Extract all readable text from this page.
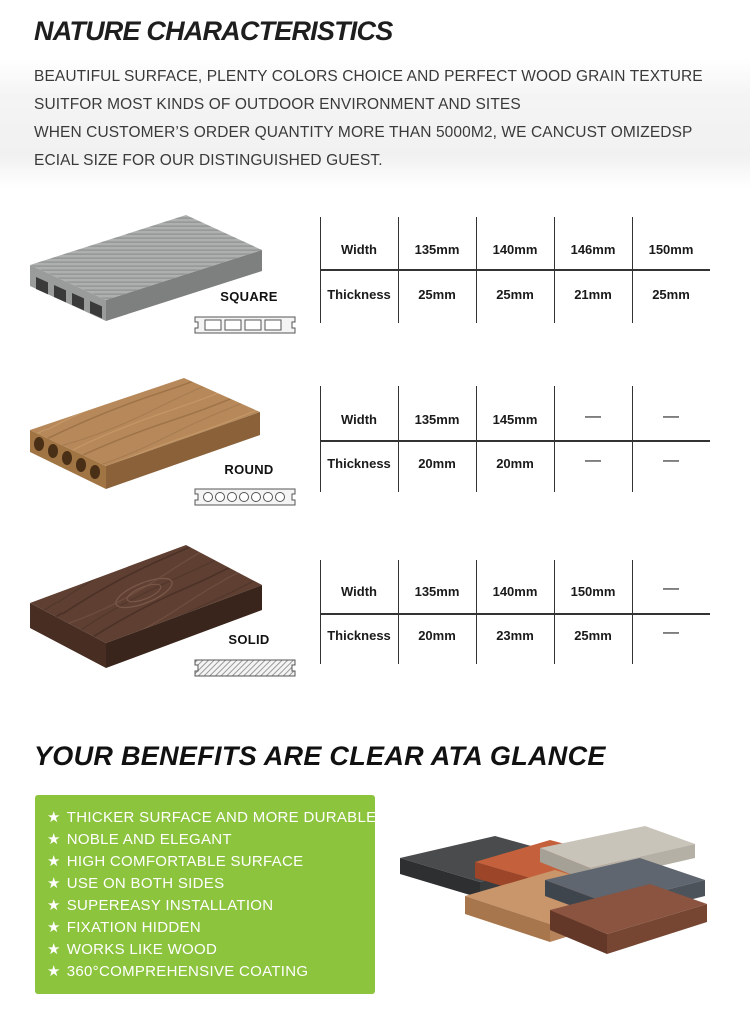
NATURE CHARACTERISTICS
BEAUTIFUL SURFACE, PLENTY COLORS CHOICE AND PERFECT WOOD GRAIN TEXTURE
SUITFOR MOST KINDS OF OUTDOOR ENVIRONMENT AND SITES
WHEN CUSTOMER’S ORDER QUANTITY MORE THAN 5000M2, WE CANCUST OMIZEDSP
ECIAL SIZE FOR OUR DISTINGUISHED GUEST.
SQUARE
Width	135mm	140mm	146mm	150mm
Thickness	25mm	25mm	21mm	25mm
ROUND
Width	135mm	145mm	—	—
Thickness	20mm	20mm	—	—
SOLID
Width	135mm	140mm	150mm	—
Thickness	20mm	23mm	25mm	—
YOUR BENEFITS ARE CLEAR ATA GLANCE
★ THICKER SURFACE AND MORE DURABLE
★ NOBLE AND ELEGANT
★ HIGH COMFORTABLE SURFACE
★ USE ON BOTH SIDES
★ SUPEREASY INSTALLATION
★ FIXATION HIDDEN
★ WORKS LIKE WOOD
★ 360°COMPREHENSIVE COATING
